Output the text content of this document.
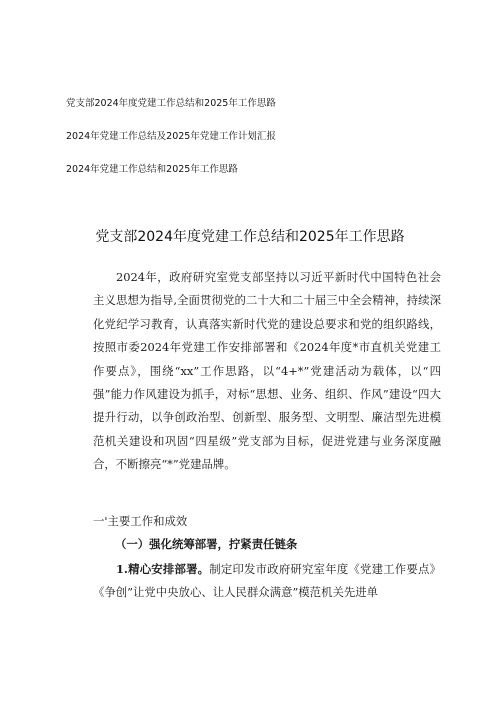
党支部2024年度党建工作总结和2025年工作思路
2024年党建工作总结及2025年党建工作计划汇报
2024年党建工作总结和2025年工作思路
党支部2024年度党建工作总结和2025年工作思路

2024年，政府研究室党支部坚持以习近平新时代中国特色社会主义思想为指导,全面贯彻党的二十大和二十届三中全会精神，持续深化党纪学习教育，认真落实新时代党的建设总要求和党的组织路线，按照市委2024年党建工作安排部署和《2024年度*市直机关党建工作要点》，围绕“xx”工作思路，以“4+*”党建活动为载体，以“四强”能力作风建设为抓手，对标“思想、业务、组织、作风”建设“四大提升行动，以争创政治型、创新型、服务型、文明型、廉洁型先进模范机关建设和巩固“四星级”党支部为目标，促进党建与业务深度融合，不断擦亮“*”党建品牌。

一'主要工作和成效
（一）强化统筹部署，拧紧责任链条

1.精心安排部署。制定印发市政府研究室年度《党建工作要点》《争创”让党中央放心、让人民群众满意”模范机关先进单
